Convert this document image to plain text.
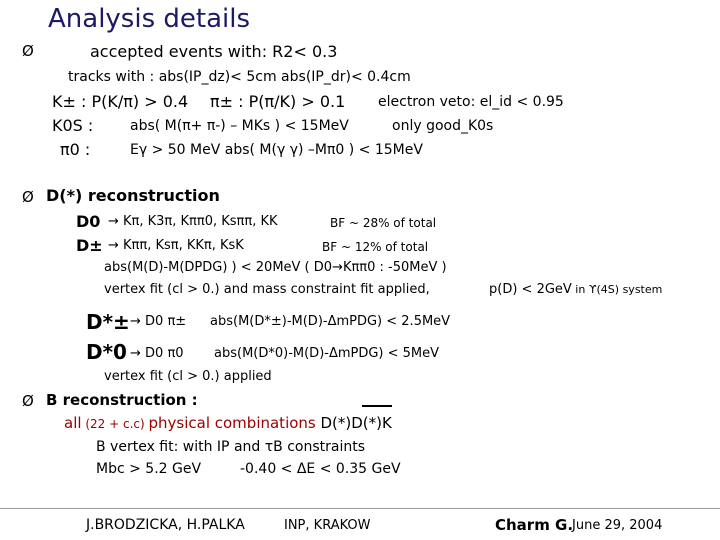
Analysis details
Ø	accepted events with: R2< 0.3
tracks with : abs(IP_dz)< 5cm abs(IP_dr)< 0.4cm
K± : P(K/π) > 0.4 π± : P(π/K) > 0.1 electron veto: el_id < 0.95
K0S :	abs( M(π+ π-) – MKs ) < 15MeV	only good_K0s
π0 :	Eγ > 50 MeV abs( M(γ γ) –Mπ0 ) < 15MeV
Ø D(*) reconstruction
D0 → Kπ, K3π, Kππ0, Ksππ, KK	BF ~ 28% of total
D± → Kππ, Ksπ, KKπ, KsK	BF ~ 12% of total
abs(M(D)-M(DPDG) ) < 20MeV ( D0→Kππ0 : -50MeV )
vertex fit (cl > 0.) and mass constraint fit applied,	p(D) < 2GeV in ϒ(4S) system
D*± → D0 π± abs(M(D*±)-M(D)-ΔmPDG) < 2.5MeV
D*0 → D0 π0 abs(M(D*0)-M(D)-ΔmPDG) < 5MeV
vertex fit (cl > 0.) applied
Ø B reconstruction :
all (22 + c.c) physical combinations D(*)D(*)K
B vertex fit: with IP and τB constraints
Mbc > 5.2 GeV	-0.40 < ΔE < 0.35 GeV
J.BRODZICKA, H.PALKA	INP, KRAKOW	Charm G.
June 29, 2004
